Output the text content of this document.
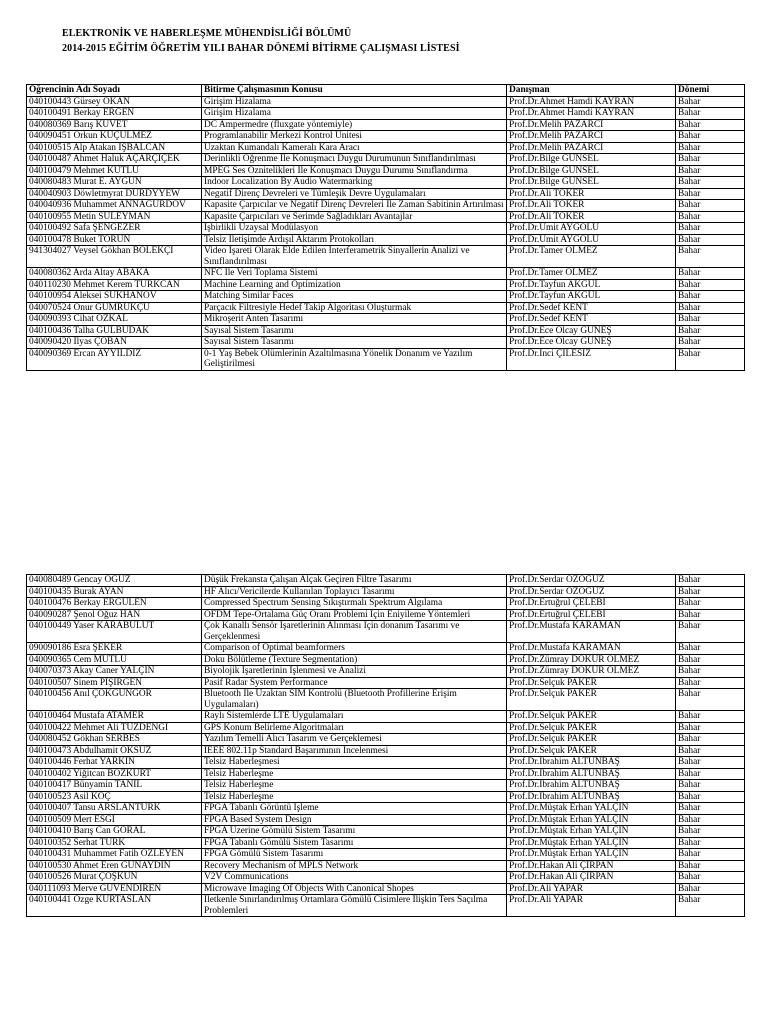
ELEKTRONİK VE HABERLEŞME MÜHENDİSLİĞİ BÖLÜMÜ
2014-2015 EĞİTİM ÖĞRETİM YILI BAHAR DÖNEMİ BİTİRME ÇALIŞMASI LİSTESİ
Öğrencinin Adı Soyadı	Bitirme Çalışmasının Konusu	Danışman	Dönemi
040100443 Gürsey OKAN	Girişim Hizalama	Prof.Dr.Ahmet Hamdi KAYRAN	Bahar
040100491 Berkay ERGEN	Girişim Hizalama	Prof.Dr.Ahmet Hamdi KAYRAN	Bahar
040080369 Barış KUVET	DC Ampermedre (fluxgate yöntemiyle)	Prof.Dr.Melih PAZARCI	Bahar
040090451 Orkun KÜÇÜLMEZ	Programlanabilir Merkezi Kontrol Ünitesi	Prof.Dr.Melih PAZARCI	Bahar
040100515 Alp Atakan İŞBALCAN	Uzaktan Kumandalı Kameralı Kara Aracı	Prof.Dr.Melih PAZARCI	Bahar
040100487 Ahmet Haluk AÇARÇİÇEK	Derinlikli Öğrenme İle Konuşmacı Duygu Durumunun Sınıflandırılması	Prof.Dr.Bilge GÜNSEL	Bahar
040100479 Mehmet KUTLU	MPEG Ses Öznitelikleri İle Konuşmacı Duygu Durumu Sınıflandırma	Prof.Dr.Bilge GÜNSEL	Bahar
040080483 Murat E. AYGÜN	Indoor Localization By Audio Watermarking	Prof.Dr.Bilge GÜNSEL	Bahar
040040903 Döwletmyrat DURDYYEW	Negatif Direnç Devreleri ve Tümleşik Devre Uygulamaları	Prof.Dr.Ali TOKER	Bahar
040040936 Muhammet ANNAGURDOV	Kapasite Çarpıcılar ve Negatif Direnç Devreleri İle Zaman Sabitinin Artırılması	Prof.Dr.Ali TOKER	Bahar
040100955 Metin SÜLEYMAN	Kapasite Çarpıcıları ve Serimde Sağladıkları Avantajlar	Prof.Dr.Ali TOKER	Bahar
040100492 Safa ŞENGEZER	İşbirlikli Uzaysal Modülasyon	Prof.Dr.Ümit AYGÖLÜ	Bahar
040100478 Buket TORUN	Telsiz İletişimde Ardışıl Aktarım Protokolları	Prof.Dr.Ümit AYGÖLÜ	Bahar
941304027 Veysel Gökhan BÖLEKÇİ	Video İşareti Olarak Elde Edilen İnterferametrik Sinyallerin Analizi ve Sınıflandırılması	Prof.Dr.Tamer ÖLMEZ	Bahar
040080362 Arda Altay ABAKA	NFC İle Veri Toplama Sistemi	Prof.Dr.Tamer ÖLMEZ	Bahar
040110230 Mehmet Kerem TÜRKCAN	Machine Learning and Optimization	Prof.Dr.Tayfun AKGÜL	Bahar
040100954 Aleksei SUKHANOV	Matching Similar Faces	Prof.Dr.Tayfun AKGÜL	Bahar
040070524 Onur GÜMRÜKÇÜ	Parçacık Filtresiyle Hedef Takip Algoritası Oluşturmak	Prof.Dr.Sedef KENT	Bahar
040090393 Cihat ÖZKAL	Mikroşerit Anten Tasarımı	Prof.Dr.Sedef KENT	Bahar
040100436 Talha GÜLBUDAK	Sayısal Sistem Tasarımı	Prof.Dr.Ece Olcay GÜNEŞ	Bahar
040090420 İlyas ÇOBAN	Sayısal Sistem Tasarımı	Prof.Dr.Ece Olcay GÜNEŞ	Bahar
040090369 Ercan AYYILDIZ	0-1 Yaş Bebek Ölümlerinin Azaltılmasına Yönelik Donanım ve Yazılım Geliştirilmesi	Prof.Dr.İnci ÇİLESİZ	Bahar
040080489 Gencay OĞUZ	Düşük Frekansta Çalışan Alçak Geçiren Filtre Tasarımı	Prof.Dr.Serdar ÖZOĞUZ	Bahar
040100435 Burak AYAN	HF Alıcı/Vericilerde Kullanılan Toplayıcı Tasarımı	Prof.Dr.Serdar ÖZOĞUZ	Bahar
040100476 Berkay ERGÜLEN	Compressed Spectrum Sensing Sıkıştırmalı Spektrum Algılama	Prof.Dr.Ertuğrul ÇELEBİ	Bahar
040090287 Şenol Oğuz HAN	OFDM Tepe-Ortalama Güç Oranı Problemi İçin Eniyileme Yöntemleri	Prof.Dr.Ertuğrul ÇELEBİ	Bahar
040100449 Yaser KARABULUT	Çok Kanallı Sensör İşaretlerinin Alınması İçin donanım Tasarımı ve Gerçeklenmesi	Prof.Dr.Mustafa KARAMAN	Bahar
090090186 Esra ŞEKER	Comparison of Optimal beamformers	Prof.Dr.Mustafa KARAMAN	Bahar
040090365 Cem MUTLU	Doku Bölütleme (Texture Segmentation)	Prof.Dr.Zümray DOKUR ÖLMEZ	Bahar
040070373 Akay Caner YALÇIN	Biyolojik İşaretlerinin İşlenmesi ve Analizi	Prof.Dr.Zümray DOKUR ÖLMEZ	Bahar
040100507 Sinem PİŞİRGEN	Pasif Radar System Performance	Prof.Dr.Selçuk PAKER	Bahar
040100456 Anıl ÇOKGÜNGÖR	Bluetooth İle Uzaktan SIM Kontrolü (Bluetooth Profillerine Erişim Uygulamaları)	Prof.Dr.Selçuk PAKER	Bahar
040100464 Mustafa ATAMER	Raylı Sistemlerde LTE Uygulamaları	Prof.Dr.Selçuk PAKER	Bahar
040100422 Mehmet Ali TÜZDENGİ	GPS Konum Belirleme Algoritmaları	Prof.Dr.Selçuk PAKER	Bahar
040080452 Gökhan SERBES	Yazılım Temelli Alıcı Tasarım ve Gerçeklemesi	Prof.Dr.Selçuk PAKER	Bahar
040100473 Abdulhamit ÖKSÜZ	IEEE 802.11p Standard Başarımının İncelenmesi	Prof.Dr.Selçuk PAKER	Bahar
040100446 Ferhat YARKIN	Telsiz Haberleşmesi	Prof.Dr.İbrahim ALTUNBAŞ	Bahar
040100402 Yiğitcan BOZKURT	Telsiz Haberleşme	Prof.Dr.İbrahim ALTUNBAŞ	Bahar
040100417 Bünyamin TANIL	Telsiz Haberleşme	Prof.Dr.İbrahim ALTUNBAŞ	Bahar
040100523 Asil KOÇ	Telsiz Haberleşme	Prof.Dr.İbrahim ALTUNBAŞ	Bahar
040100407 Tansu ARSLANTÜRK	FPGA Tabanlı Görüntü İşleme	Prof.Dr.Müştak Erhan YALÇIN	Bahar
040100509 Mert ESGİ	FPGA Based System Design	Prof.Dr.Müştak Erhan YALÇIN	Bahar
040100410 Barış Can GÖRAL	FPGA Üzerine Gömülü Sistem Tasarımı	Prof.Dr.Müştak Erhan YALÇIN	Bahar
040100352 Serhat TÜRK	FPGA Tabanlı Gömülü Sistem Tasarımı	Prof.Dr.Müştak Erhan YALÇIN	Bahar
040100431 Muhammet Fatih ÖZLEYEN	FPGA Gömülü Sistem Tasarımı	Prof.Dr.Müştak Erhan YALÇIN	Bahar
040100530 Ahmet Eren GÜNAYDIN	Recovery Mechanism of MPLS Network	Prof.Dr.Hakan Ali ÇIRPAN	Bahar
040100526 Murat ÇOŞKUN	V2V Communications	Prof.Dr.Hakan Ali ÇIRPAN	Bahar
040111093 Merve GÜVENDİREN	Microwave Imaging Of Objects With Canonical Shopes	Prof.Dr.Ali YAPAR	Bahar
040100441 Özge KURTASLAN	İletkenle Sınırlandırılmış Ortamlara Gömülü Cisimlere İlişkin Ters Saçılma Problemleri	Prof.Dr.Ali YAPAR	Bahar
